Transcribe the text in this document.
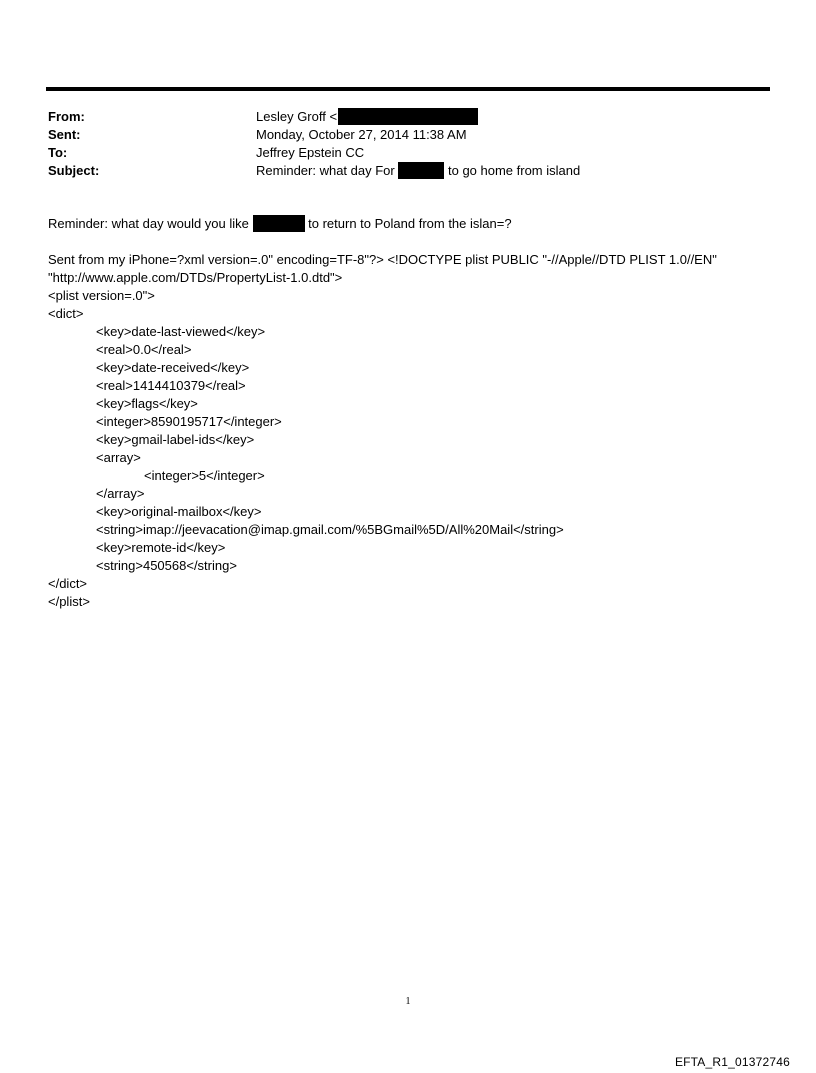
From:	Lesley Groff <
Sent:	Monday, October 27, 2014 11:38 AM
To:	Jeffrey Epstein CC
Subject:	Reminder: what day For	to go home from island
Reminder: what day would you like	to return to Poland from the islan=?
Sent from my iPhone=?xml version=.0" encoding=TF-8"?> <!DOCTYPE plist PUBLIC "-//Apple//DTD PLIST 1.0//EN"
"http://www.apple.com/DTDs/PropertyList-1.0.dtd">
<plist version=.0">
<dict>
<key>date-last-viewed</key>
<real>0.0</real>
<key>date-received</key>
<real>1414410379</real>
<key>flags</key>
<integer>8590195717</integer>
<key>gmail-label-ids</key>
<array>
<integer>5</integer>
</array>
<key>original-mailbox</key>
<string>imap://jeevacation@imap.gmail.com/%5BGmail%5D/All%20Mail</string>
<key>remote-id</key>
<string>450568</string>
</dict>
</plist>
1
EFTA_R1_01372746
